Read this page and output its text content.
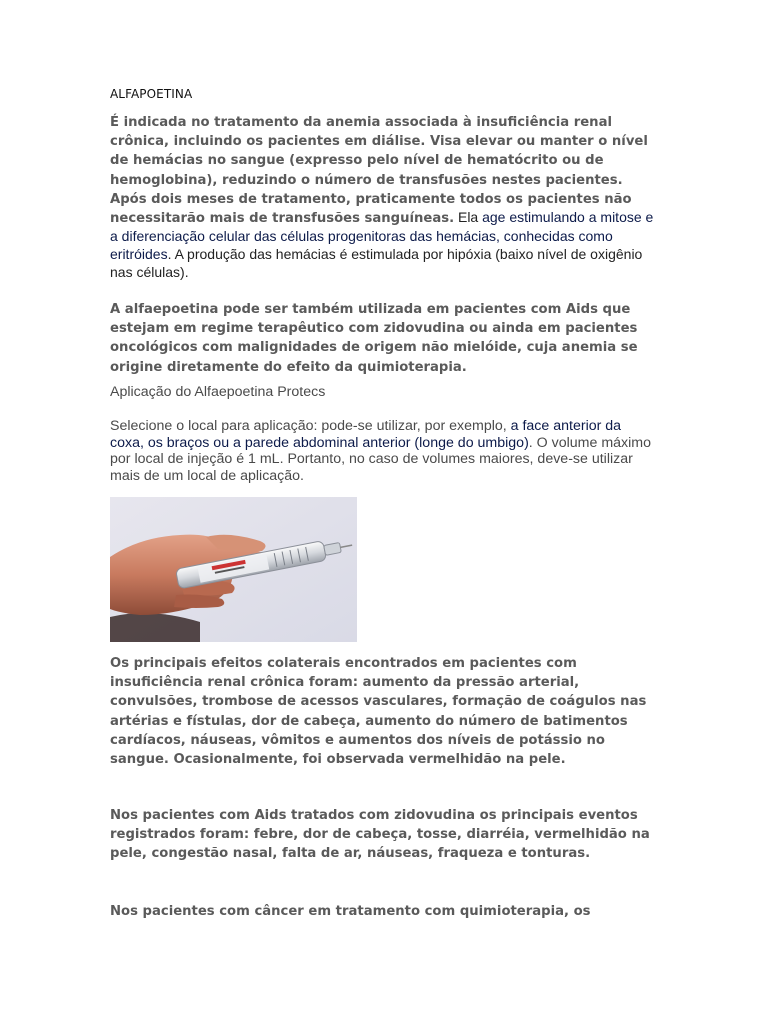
ALFAPOETINA

É indicada no tratamento da anemia associada à insuficiência renal crônica, incluindo os pacientes em diálise. Visa elevar ou manter o nível de hemácias no sangue (expresso pelo nível de hematócrito ou de hemoglobina), reduzindo o número de transfusões nestes pacientes. Após dois meses de tratamento, praticamente todos os pacientes não necessitarão mais de transfusões sanguíneas. Ela age estimulando a mitose e a diferenciação celular das células progenitoras das hemácias, conhecidas como eritróides. A produção das hemácias é estimulada por hipóxia (baixo nível de oxigênio nas células).

A alfaepoetina pode ser também utilizada em pacientes com Aids que estejam em regime terapêutico com zidovudina ou ainda em pacientes oncológicos com malignidades de origem não mielóide, cuja anemia se origine diretamente do efeito da quimioterapia.

Aplicação do Alfaepoetina Protecs

Selecione o local para aplicação: pode-se utilizar, por exemplo, a face anterior da coxa, os braços ou a parede abdominal anterior (longe do umbigo). O volume máximo por local de injeção é 1 mL. Portanto, no caso de volumes maiores, deve-se utilizar mais de um local de aplicação.

Os principais efeitos colaterais encontrados em pacientes com insuficiência renal crônica foram: aumento da pressão arterial, convulsões, trombose de acessos vasculares, formação de coágulos nas artérias e fístulas, dor de cabeça, aumento do número de batimentos cardíacos, náuseas, vômitos e aumentos dos níveis de potássio no sangue. Ocasionalmente, foi observada vermelhidão na pele.

Nos pacientes com Aids tratados com zidovudina os principais eventos registrados foram: febre, dor de cabeça, tosse, diarréia, vermelhidão na pele, congestão nasal, falta de ar, náuseas, fraqueza e tonturas.

Nos pacientes com câncer em tratamento com quimioterapia, os
